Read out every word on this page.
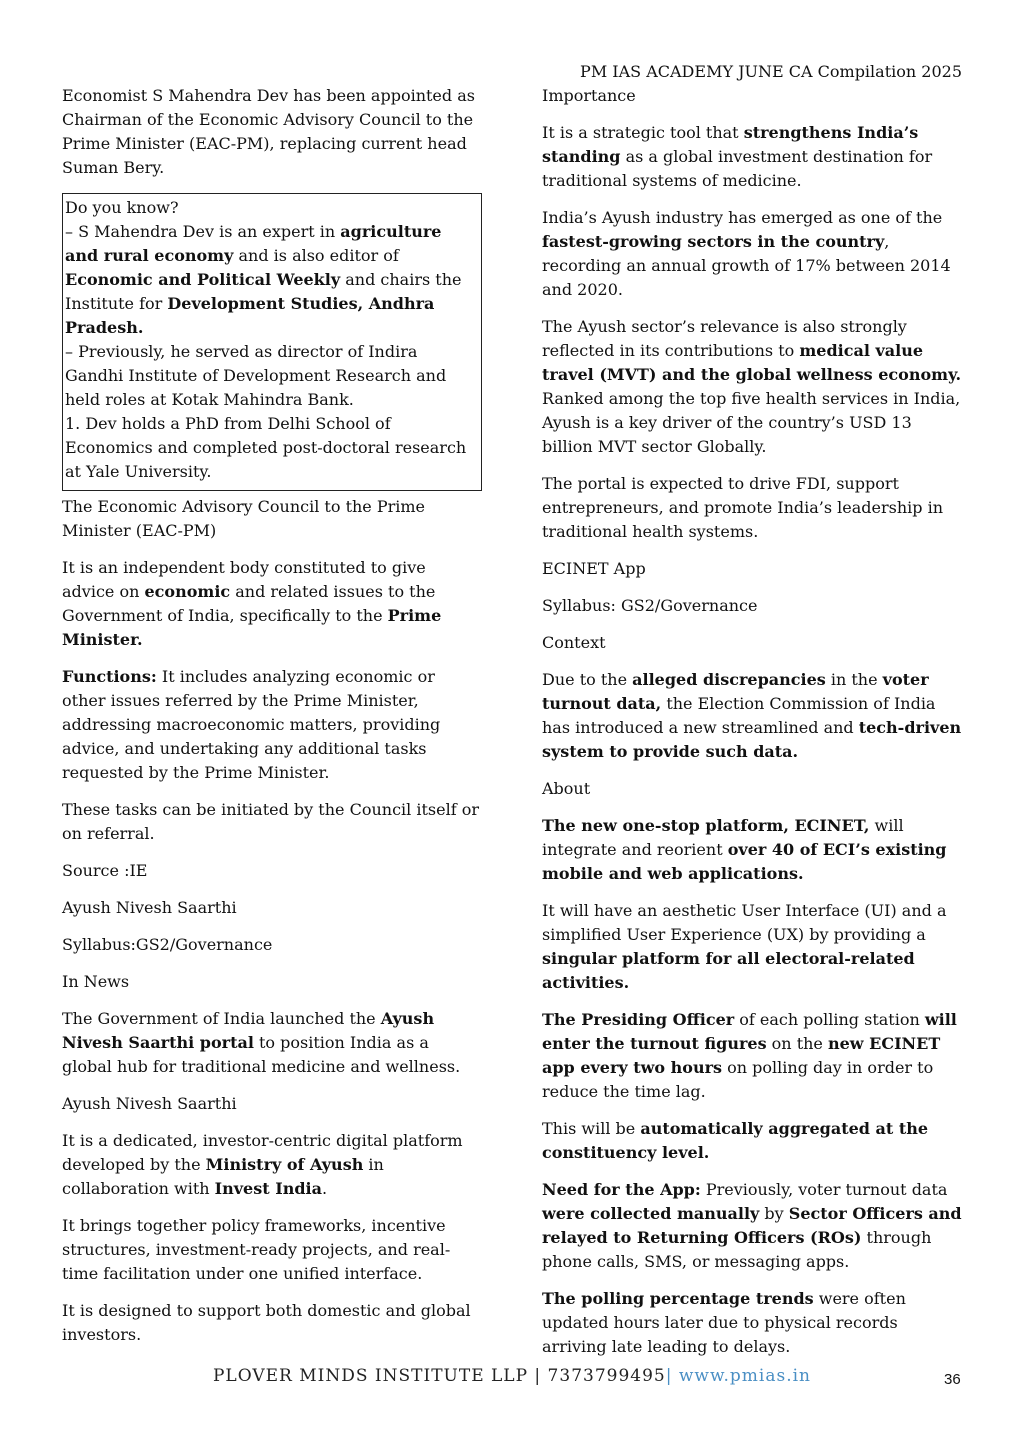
PM IAS ACADEMY JUNE CA Compilation 2025

Economist S Mahendra Dev has been appointed as Chairman of the Economic Advisory Council to the Prime Minister (EAC-PM), replacing current head Suman Bery.

Do you know?
– S Mahendra Dev is an expert in agriculture and rural economy and is also editor of Economic and Political Weekly and chairs the Institute for Development Studies, Andhra Pradesh.
– Previously, he served as director of Indira Gandhi Institute of Development Research and held roles at Kotak Mahindra Bank.
1. Dev holds a PhD from Delhi School of Economics and completed post-doctoral research at Yale University.

The Economic Advisory Council to the Prime Minister (EAC-PM)

It is an independent body constituted to give advice on economic and related issues to the Government of India, specifically to the Prime Minister.

Functions: It includes analyzing economic or other issues referred by the Prime Minister, addressing macroeconomic matters, providing advice, and undertaking any additional tasks requested by the Prime Minister.

These tasks can be initiated by the Council itself or on referral.

Source :IE

Ayush Nivesh Saarthi

Syllabus:GS2/Governance

In News

The Government of India launched the Ayush Nivesh Saarthi portal to position India as a global hub for traditional medicine and wellness.

Ayush Nivesh Saarthi

It is a dedicated, investor-centric digital platform developed by the Ministry of Ayush in collaboration with Invest India.

It brings together policy frameworks, incentive structures, investment-ready projects, and real-time facilitation under one unified interface.

It is designed to support both domestic and global investors.

Importance

It is a strategic tool that strengthens India’s standing as a global investment destination for traditional systems of medicine.

India’s Ayush industry has emerged as one of the fastest-growing sectors in the country, recording an annual growth of 17% between 2014 and 2020.

The Ayush sector’s relevance is also strongly reflected in its contributions to medical value travel (MVT) and the global wellness economy. Ranked among the top five health services in India, Ayush is a key driver of the country’s USD 13 billion MVT sector Globally.

The portal is expected to drive FDI, support entrepreneurs, and promote India’s leadership in traditional health systems.

ECINET App

Syllabus: GS2/Governance

Context

Due to the alleged discrepancies in the voter turnout data, the Election Commission of India has introduced a new streamlined and tech-driven system to provide such data.

About

The new one-stop platform, ECINET, will integrate and reorient over 40 of ECI’s existing mobile and web applications.

It will have an aesthetic User Interface (UI) and a simplified User Experience (UX) by providing a singular platform for all electoral-related activities.

The Presiding Officer of each polling station will enter the turnout figures on the new ECINET app every two hours on polling day in order to reduce the time lag.

This will be automatically aggregated at the constituency level.

Need for the App: Previously, voter turnout data were collected manually by Sector Officers and relayed to Returning Officers (ROs) through phone calls, SMS, or messaging apps.

The polling percentage trends were often updated hours later due to physical records arriving late leading to delays.

36
PLOVER MINDS INSTITUTE LLP | 7373799495| www.pmias.in
